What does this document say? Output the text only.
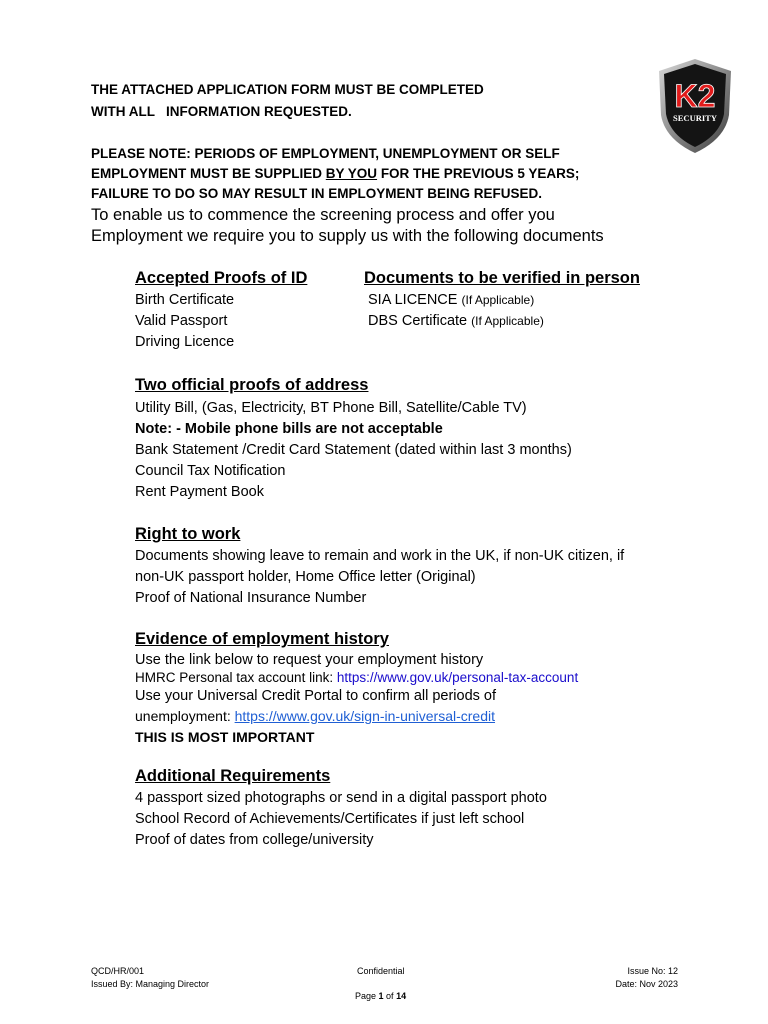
K2
SECURITY
THE ATTACHED APPLICATION FORM MUST BE COMPLETED
WITH ALL   INFORMATION REQUESTED.
PLEASE NOTE: PERIODS OF EMPLOYMENT, UNEMPLOYMENT OR SELF
EMPLOYMENT MUST BE SUPPLIED BY YOU FOR THE PREVIOUS 5 YEARS;
FAILURE TO DO SO MAY RESULT IN EMPLOYMENT BEING REFUSED.
To enable us to commence the screening process and offer you
Employment we require you to supply us with the following documents
Accepted Proofs of ID
Birth Certificate
Valid Passport
Driving Licence
Documents to be verified in person
SIA LICENCE (If Applicable)
DBS Certificate (If Applicable)
Two official proofs of address
Utility Bill, (Gas, Electricity, BT Phone Bill, Satellite/Cable TV)
Note: - Mobile phone bills are not acceptable
Bank Statement /Credit Card Statement (dated within last 3 months)
Council Tax Notification
Rent Payment Book
Right to work
Documents showing leave to remain and work in the UK, if non-UK citizen, if
non-UK passport holder, Home Office letter (Original)
Proof of National Insurance Number
Evidence of employment history
Use the link below to request your employment history
HMRC Personal tax account link: https://www.gov.uk/personal-tax-account
Use your Universal Credit Portal to confirm all periods of
unemployment: https://www.gov.uk/sign-in-universal-credit
THIS IS MOST IMPORTANT
Additional Requirements
4 passport sized photographs or send in a digital passport photo
School Record of Achievements/Certificates if just left school
Proof of dates from college/university
QCD/HR/001
Issued By: Managing Director
Confidential
Page 1 of 14
Issue No: 12
Date: Nov 2023
